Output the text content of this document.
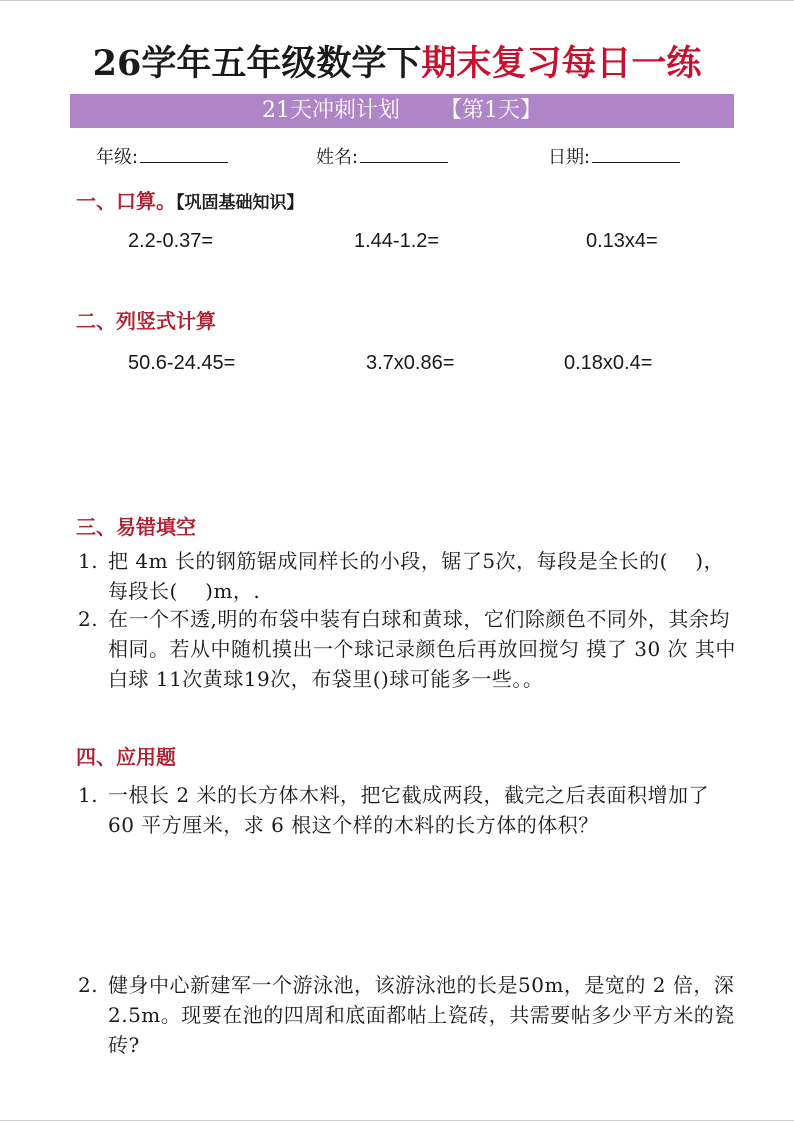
26学年五年级数学下期末复习每日一练
21天冲刺计划 【第1天】
年级:	姓名:	日期:
一、口算。【巩固基础知识】
2.2-0.37=	1.44-1.2=	0.13x4=
二、列竖式计算
50.6-24.45=	3.7x0.86=	0.18x0.4=
三、易错填空
1. 把 4m 长的钢筋锯成同样长的小段，锯了5次，每段是全长的(　 )，每段长(　 )m，.
2. 在一个不透,明的布袋中装有白球和黄球，它们除颜色不同外，其余均相同。若从中随机摸出一个球记录颜色后再放回搅匀 摸了 30 次 其中白球 11次黄球19次，布袋里()球可能多一些。。
四、应用题
1. 一根长 2 米的长方体木料，把它截成两段，截完之后表面积增加了 60 平方厘米，求 6 根这个样的木料的长方体的体积？
2. 健身中心新建军一个游泳池，该游泳池的长是50m，是宽的 2 倍，深 2.5m。现要在池的四周和底面都帖上瓷砖，共需要帖多少平方米的瓷砖?
